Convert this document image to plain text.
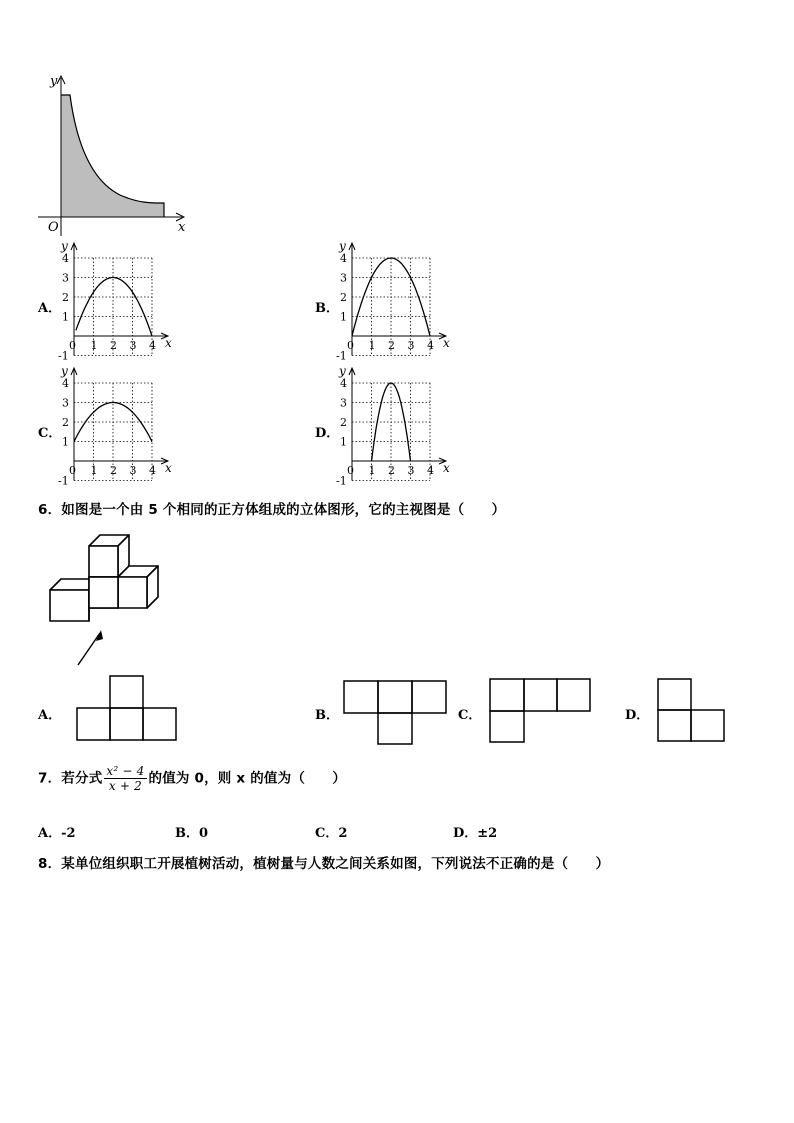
y
x
O
A．	B．
C．	D．
y
x
4
3
2
1
-1
0 1 2 3 4
y
x
4
3
2
1
-1
0 1 2 3 4
y
x
4
3
2
1
-1
0 1 2 3 4
y
x
4
3
2
1
-1
0 1 2 3 4
6．如图是一个由 5 个相同的正方体组成的立体图形，它的主视图是（　　）
A．	B．	C．	D．
7．若分式 $\frac{\text{x² − 4}}{x + 2}$ 的值为 0，则 x 的值为（　　）
A．-2	B．0	C．2	D．±2
8．某单位组织职工开展植树活动，植树量与人数之间关系如图，下列说法不正确的是（　　）
